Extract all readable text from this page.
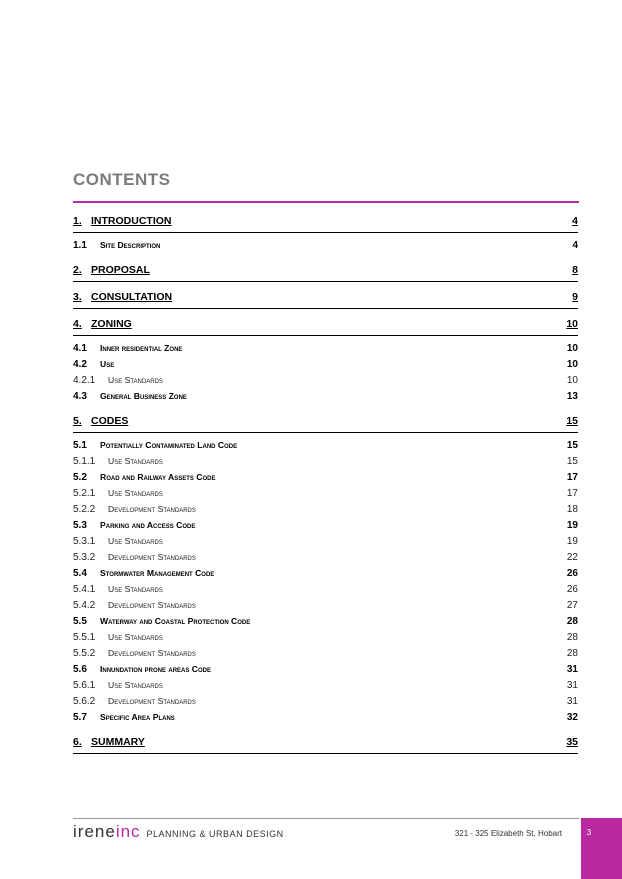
CONTENTS
1. INTRODUCTION	4
1.1	Site Description	4
2. PROPOSAL	8
3. CONSULTATION	9
4. ZONING	10
4.1	Inner residential Zone	10
4.2	Use	10
4.2.1	Use Standards	10
4.3	General Business Zone	13
5. CODES	15
5.1	Potentially Contaminated Land Code	15
5.1.1	Use Standards	15
5.2	Road and Railway Assets Code	17
5.2.1	Use Standards	17
5.2.2	Development Standards	18
5.3	Parking and Access Code	19
5.3.1	Use Standards	19
5.3.2	Development Standards	22
5.4	Stormwater Management Code	26
5.4.1	Use Standards	26
5.4.2	Development Standards	27
5.5	Waterway and Coastal Protection Code	28
5.5.1	Use Standards	28
5.5.2	Development Standards	28
5.6	Innundation prone areas Code	31
5.6.1	Use Standards	31
5.6.2	Development Standards	31
5.7	Specific Area Plans	32
6. SUMMARY	35
irene inc PLANNING & URBAN DESIGN	321 - 325 Elizabeth St, Hobart	3
